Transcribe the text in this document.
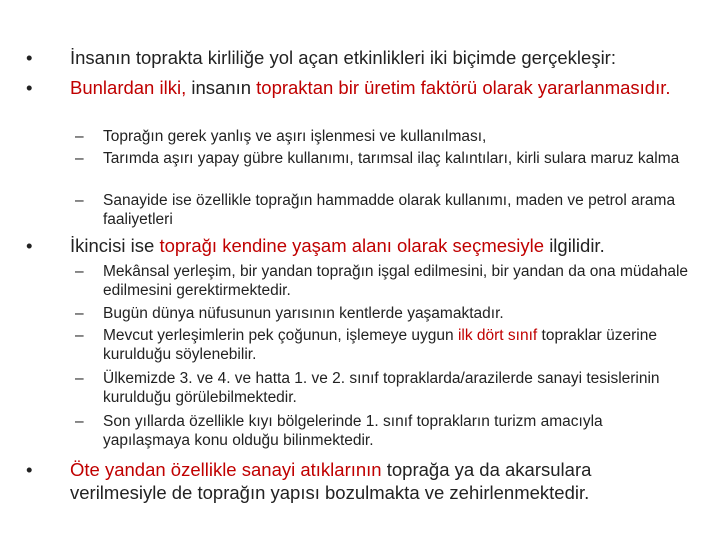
• İnsanın toprakta kirliliğe yol açan etkinlikleri iki biçimde gerçekleşir:
• Bunlardan ilki, insanın topraktan bir üretim faktörü olarak yararlanmasıdır.
– Toprağın gerek yanlış ve aşırı işlenmesi ve kullanılması,
– Tarımda aşırı yapay gübre kullanımı, tarımsal ilaç kalıntıları, kirli sulara maruz kalma
– Sanayide ise özellikle toprağın hammadde olarak kullanımı, maden ve petrol arama faaliyetleri
• İkincisi ise toprağı kendine yaşam alanı olarak seçmesiyle ilgilidir.
– Mekânsal yerleşim, bir yandan toprağın işgal edilmesini, bir yandan da ona müdahale edilmesini gerektirmektedir.
– Bugün dünya nüfusunun yarısının kentlerde yaşamaktadır.
– Mevcut yerleşimlerin pek çoğunun, işlemeye uygun ilk dört sınıf topraklar üzerine kurulduğu söylenebilir.
– Ülkemizde 3. ve 4. ve hatta 1. ve 2. sınıf topraklarda/arazilerde sanayi tesislerinin kurulduğu görülebilmektedir.
– Son yıllarda özellikle kıyı bölgelerinde 1. sınıf toprakların turizm amacıyla yapılaşmaya konu olduğu bilinmektedir.
• Öte yandan özellikle sanayi atıklarının toprağa ya da akarsulara verilmesiyle de toprağın yapısı bozulmakta ve zehirlenmektedir.
